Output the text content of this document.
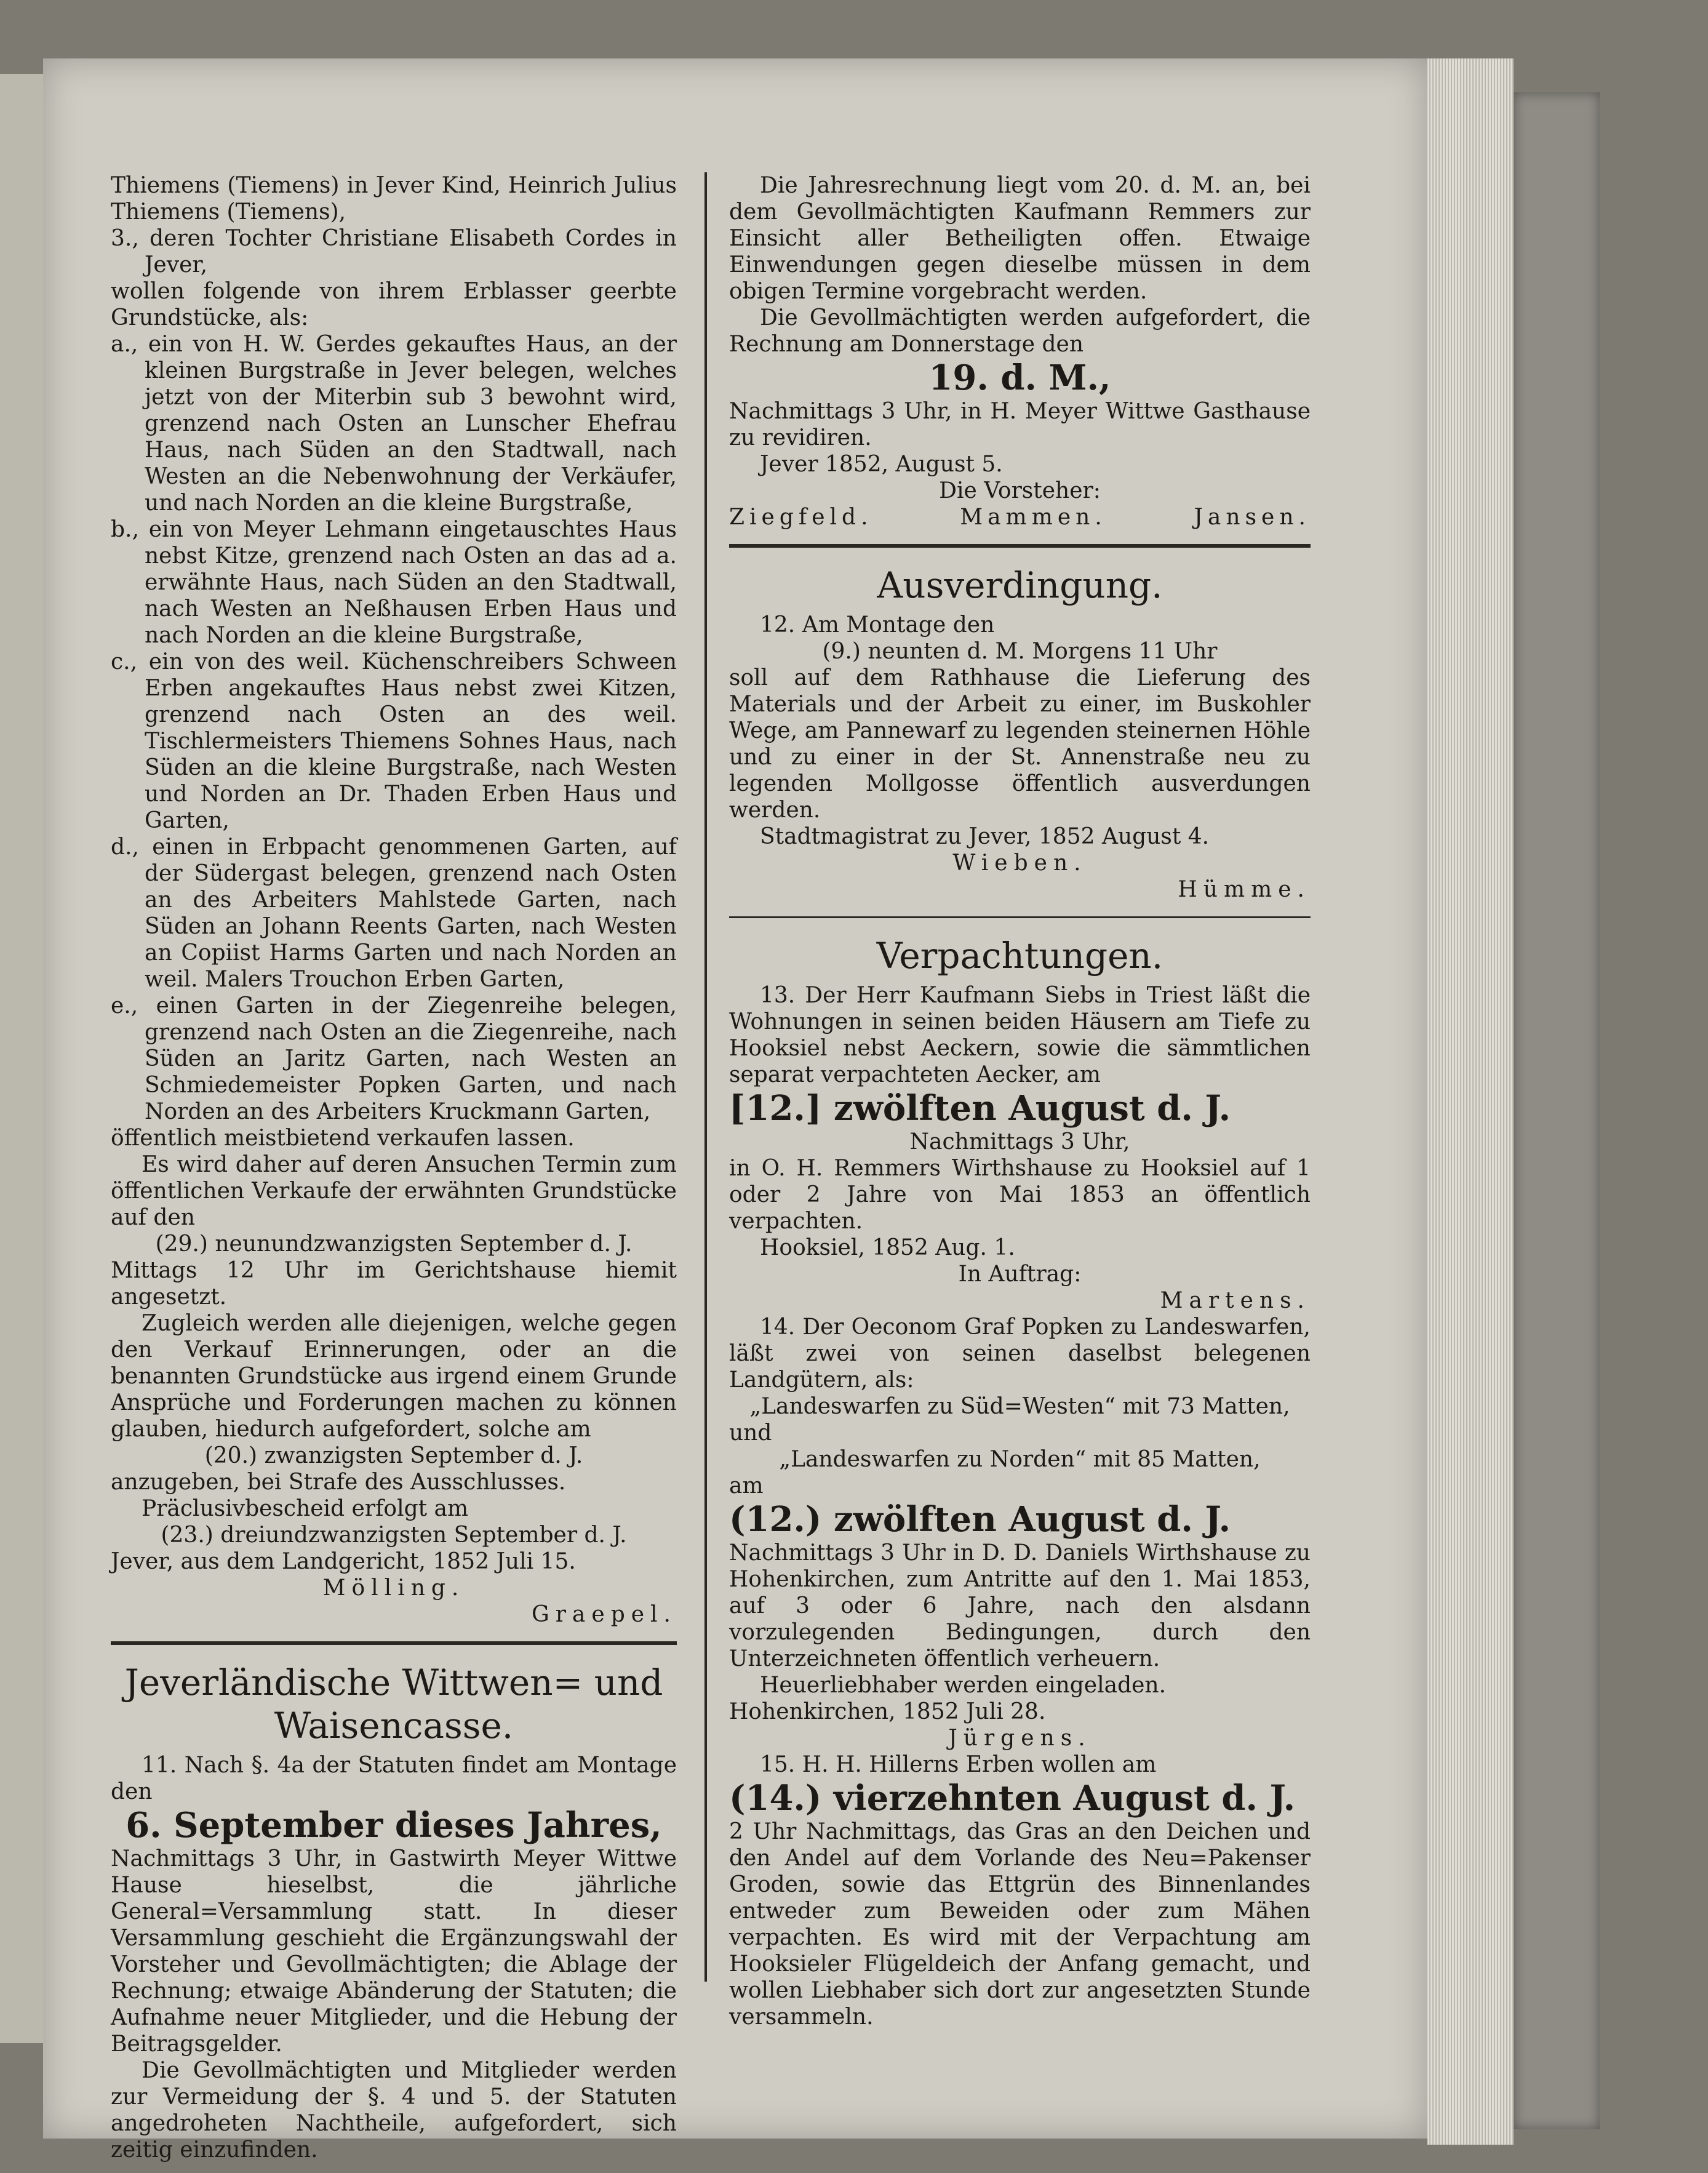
Thiemens (Tiemens) in Jever Kind, Heinrich Julius Thiemens (Tiemens),

3., deren Tochter Christiane Elisabeth Cordes in Jever,

wollen folgende von ihrem Erblasser geerbte Grundstücke, als:

a., ein von H. W. Gerdes gekauftes Haus, an der kleinen Burgstraße in Jever belegen, welches jetzt von der Miterbin sub 3 bewohnt wird, grenzend nach Osten an Lunscher Ehefrau Haus, nach Süden an den Stadtwall, nach Westen an die Nebenwohnung der Verkäufer, und nach Norden an die kleine Burgstraße,

b., ein von Meyer Lehmann eingetauschtes Haus nebst Kitze, grenzend nach Osten an das ad a. erwähnte Haus, nach Süden an den Stadtwall, nach Westen an Neßhausen Erben Haus und nach Norden an die kleine Burgstraße,

c., ein von des weil. Küchenschreibers Schween Erben angekauftes Haus nebst zwei Kitzen, grenzend nach Osten an des weil. Tischlermeisters Thiemens Sohnes Haus, nach Süden an die kleine Burgstraße, nach Westen und Norden an Dr. Thaden Erben Haus und Garten,

d., einen in Erbpacht genommenen Garten, auf der Südergast belegen, grenzend nach Osten an des Arbeiters Mahlstede Garten, nach Süden an Johann Reents Garten, nach Westen an Copiist Harms Garten und nach Norden an weil. Malers Trouchon Erben Garten,

e., einen Garten in der Ziegenreihe belegen, grenzend nach Osten an die Ziegenreihe, nach Süden an Jaritz Garten, nach Westen an Schmiedemeister Popken Garten, und nach Norden an des Arbeiters Kruckmann Garten,

öffentlich meistbietend verkaufen lassen.

Es wird daher auf deren Ansuchen Termin zum öffentlichen Verkaufe der erwähnten Grundstücke auf den

(29.) neunundzwanzigsten September d. J.

Mittags 12 Uhr im Gerichtshause hiemit angesetzt.

Zugleich werden alle diejenigen, welche gegen den Verkauf Erinnerungen, oder an die benannten Grundstücke aus irgend einem Grunde Ansprüche und Forderungen machen zu können glauben, hiedurch aufgefordert, solche am

(20.) zwanzigsten September d. J.

anzugeben, bei Strafe des Ausschlusses.

Präclusivbescheid erfolgt am

(23.) dreiundzwanzigsten September d. J.

Jever, aus dem Landgericht, 1852 Juli 15.

Mölling.

Graepel.

Jeverländische Wittwen= und Waisencasse.

11. Nach §. 4a der Statuten findet am Montage den

6. September dieses Jahres,

Nachmittags 3 Uhr, in Gastwirth Meyer Wittwe Hause hieselbst, die jährliche General=Versammlung statt. In dieser Versammlung geschieht die Ergänzungswahl der Vorsteher und Gevollmächtigten; die Ablage der Rechnung; etwaige Abänderung der Statuten; die Aufnahme neuer Mitglieder, und die Hebung der Beitragsgelder.

Die Gevollmächtigten und Mitglieder werden zur Vermeidung der §. 4 und 5. der Statuten angedroheten Nachtheile, aufgefordert, sich zeitig einzufinden.

Die Jahresrechnung liegt vom 20. d. M. an, bei dem Gevollmächtigten Kaufmann Remmers zur Einsicht aller Betheiligten offen. Etwaige Einwendungen gegen dieselbe müssen in dem obigen Termine vorgebracht werden.

Die Gevollmächtigten werden aufgefordert, die Rechnung am Donnerstage den

19. d. M.,

Nachmittags 3 Uhr, in H. Meyer Wittwe Gasthause zu revidiren.

Jever 1852, August 5.

Die Vorsteher:

Ziegfeld.	Mammen.	Jansen.

Ausverdingung.

12. Am Montage den

(9.) neunten d. M. Morgens 11 Uhr

soll auf dem Rathhause die Lieferung des Materials und der Arbeit zu einer, im Buskohler Wege, am Pannewarf zu legenden steinernen Höhle und zu einer in der St. Annenstraße neu zu legenden Mollgosse öffentlich ausverdungen werden.

Stadtmagistrat zu Jever, 1852 August 4.

Wieben.

Hümme.

Verpachtungen.

13. Der Herr Kaufmann Siebs in Triest läßt die Wohnungen in seinen beiden Häusern am Tiefe zu Hooksiel nebst Aeckern, sowie die sämmtlichen separat verpachteten Aecker, am

[12.] zwölften August d. J.

Nachmittags 3 Uhr,

in O. H. Remmers Wirthshause zu Hooksiel auf 1 oder 2 Jahre von Mai 1853 an öffentlich verpachten.

Hooksiel, 1852 Aug. 1.

In Auftrag:

Martens.

14. Der Oeconom Graf Popken zu Landeswarfen, läßt zwei von seinen daselbst belegenen Landgütern, als:

„Landeswarfen zu Süd=Westen“ mit 73 Matten,

und

„Landeswarfen zu Norden“ mit 85 Matten,

am

(12.) zwölften August d. J.

Nachmittags 3 Uhr in D. D. Daniels Wirthshause zu Hohenkirchen, zum Antritte auf den 1. Mai 1853, auf 3 oder 6 Jahre, nach den alsdann vorzulegenden Bedingungen, durch den Unterzeichneten öffentlich verheuern.

Heuerliebhaber werden eingeladen.

Hohenkirchen, 1852 Juli 28.

Jürgens.

15. H. H. Hillerns Erben wollen am

(14.) vierzehnten August d. J.

2 Uhr Nachmittags, das Gras an den Deichen und den Andel auf dem Vorlande des Neu=Pakenser Groden, sowie das Ettgrün des Binnenlandes entweder zum Beweiden oder zum Mähen verpachten. Es wird mit der Verpachtung am Hooksieler Flügeldeich der Anfang gemacht, und wollen Liebhaber sich dort zur angesetzten Stunde versammeln.
